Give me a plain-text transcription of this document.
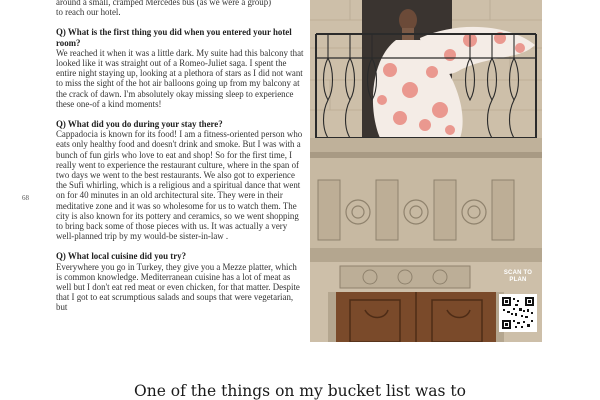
68

around a small, cramped Mercedes bus (as we were a group)

to reach our hotel.

Q) What is the first thing you did when you entered your hotel room?

We reached it when it was a little dark. My suite had this balcony that looked like it was straight out of a Romeo-Juliet saga. I spent the entire night staying up, looking at a plethora of stars as I did not want to miss the sight of the hot air balloons going up from my balcony at the crack of dawn. I'm absolutely okay missing sleep to experience these one-of a kind moments!

Q) What did you do during your stay there?

Cappadocia is known for its food! I am a fitness-oriented person who eats only healthy food and doesn't drink and smoke. But I was with a bunch of fun girls who love to eat and shop! So for the first time, I really went to experience the restaurant culture, where in the span of two days we went to the best restaurants. We also got to experience the Sufi whirling, which is a religious and a spiritual dance that went on for 40 minutes in an old architectural site. They were in their meditative zone and it was so wholesome for us to watch them. The city is also known for its pottery and ceramics, so we went shopping to bring back some of those pieces with us. It was actually a very well-planned trip by my would-be sister-in-law .

Q) What local cuisine did you try?

Everywhere you go in Turkey, they give you a Mezze platter, which is common knowledge. Mediterranean cuisine has a lot of meat as well but I don't eat red meat or even chicken, for that matter. Despite that I got to eat scrumptious salads and soups that were vegetarian, but

SCAN TO PLAN
One of the things on my bucket list was to
